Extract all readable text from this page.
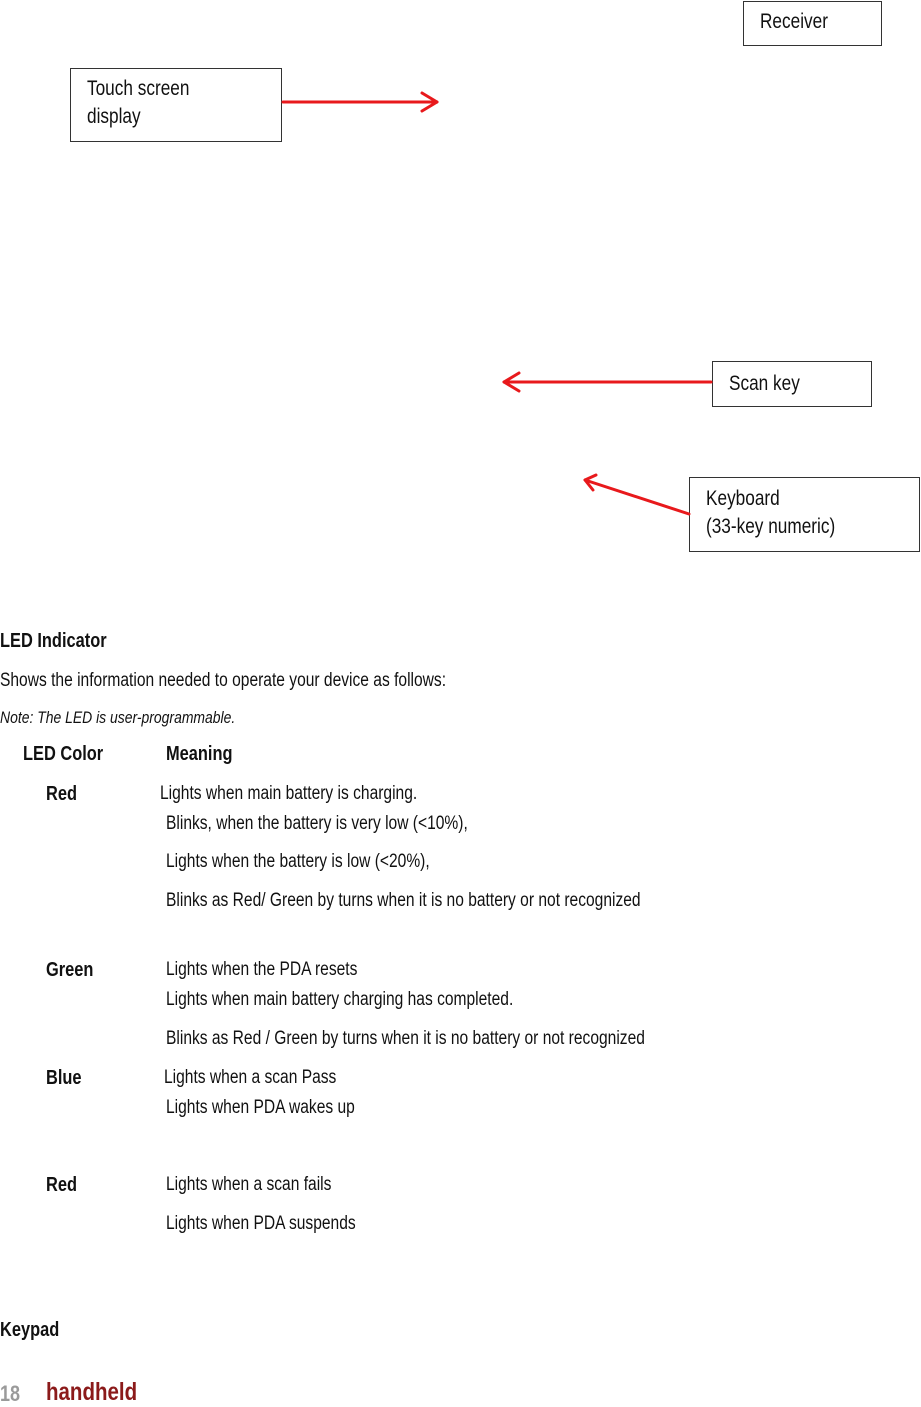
Receiver
Touch screen
display
Scan key
Keyboard
(33-key numeric)
LED Indicator
Shows the information needed to operate your device as follows:
Note: The LED is user-programmable.
LED Color	Meaning
Red	Lights when main battery is charging.
Blinks, when the battery is very low (<10%),
Lights when the battery is low (<20%),
Blinks as Red/ Green by turns when it is no battery or not recognized
Green	Lights when the PDA resets
Lights when main battery charging has completed.
Blinks as Red / Green by turns when it is no battery or not recognized
Blue	Lights when a scan Pass
Lights when PDA wakes up
Red	Lights when a scan fails
Lights when PDA suspends
Keypad
18 handheld
